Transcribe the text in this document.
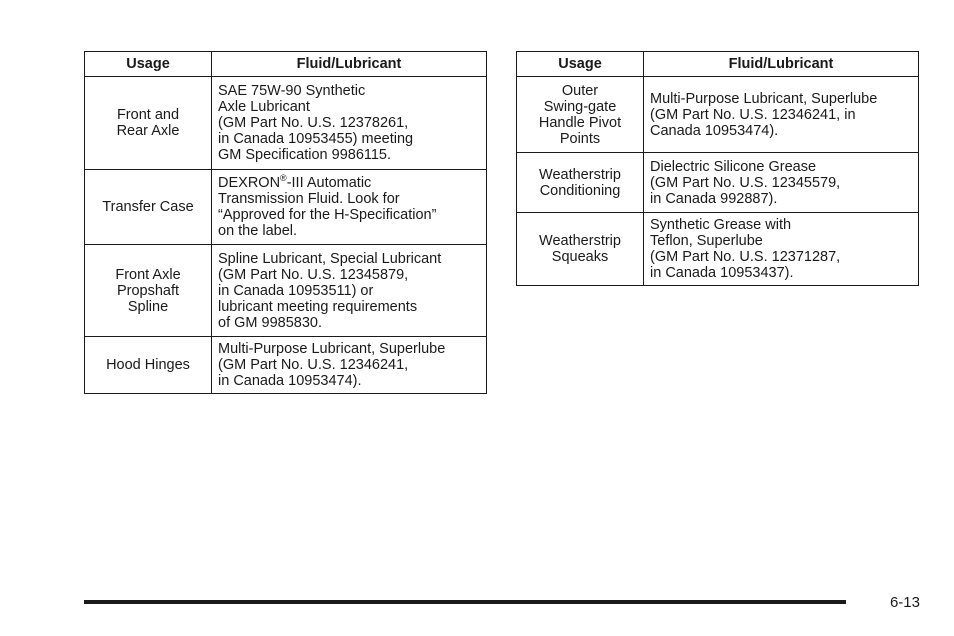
Usage	Fluid/Lubricant

Front and
Rear Axle	SAE 75W-90 Synthetic
Axle Lubricant
(GM Part No. U.S. 12378261,
in Canada 10953455) meeting
GM Specification 9986115.

Transfer Case	DEXRON®-III Automatic
Transmission Fluid. Look for
“Approved for the H-Specification”
on the label.

Front Axle
Propshaft
Spline	Spline Lubricant, Special Lubricant
(GM Part No. U.S. 12345879,
in Canada 10953511) or
lubricant meeting requirements
of GM 9985830.

Hood Hinges	Multi-Purpose Lubricant, Superlube
(GM Part No. U.S. 12346241,
in Canada 10953474).
Usage	Fluid/Lubricant

Outer
Swing-gate
Handle Pivot
Points	Multi-Purpose Lubricant, Superlube
(GM Part No. U.S. 12346241, in
Canada 10953474).

Weatherstrip
Conditioning	Dielectric Silicone Grease
(GM Part No. U.S. 12345579,
in Canada 992887).

Weatherstrip
Squeaks	Synthetic Grease with
Teflon, Superlube
(GM Part No. U.S. 12371287,
in Canada 10953437).
6-13
